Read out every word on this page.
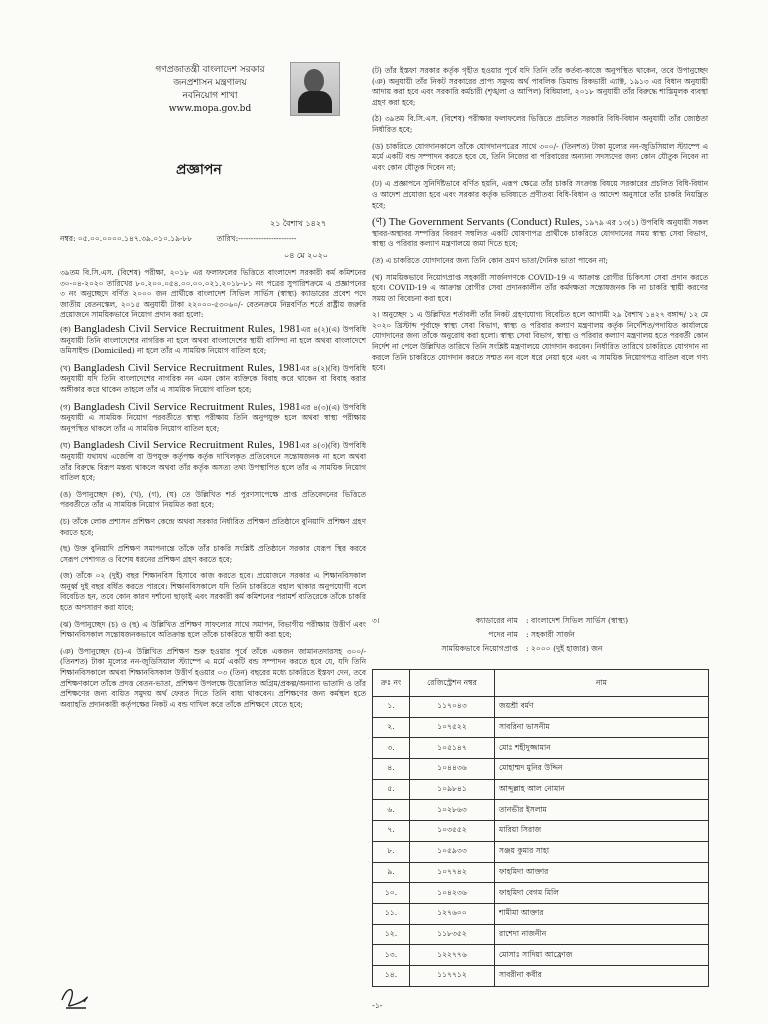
গণপ্রজাতন্ত্রী বাংলাদেশ সরকার
জনপ্রশাসন মন্ত্রণালয়
নবনিয়োগ শাখা
www.mopa.gov.bd
প্রজ্ঞাপন
২১ বৈশাখ ১৪২৭
নম্বর: ০৫.০০.০০০০.১৪৭.৩৯.০১০.১৯-৮৮	তারিখ:-----------------------
০৪ মে ২০২০

৩৯তম বি.সি.এস. (বিশেষ) পরীক্ষা, ২০১৮ এর ফলাফলের ভিত্তিতে বাংলাদেশ সরকারী কর্ম কমিশনের ৩০-০৪-২০২০ তারিখের ৮০.২০০.০৫৪.০০.০০.০২১.২০১৮-৮১ নং পত্রের সুপারিশক্রমে এ প্রজ্ঞাপনের ৩ নং অনুচ্ছেদে বর্ণিত ২০০০ জন প্রার্থীকে বাংলাদেশ সিভিল সার্ভিস (স্বাস্থ্য) ক্যাডারের প্রবেশ পদে জাতীয় বেতনস্কেল, ২০১৫ অনুযায়ী টাকা ২২০০০-৫৩০৬০/- বেতনক্রমে নিম্নবর্ণিত শর্তে রাষ্ট্রীয় জরুরি প্রয়োজনে সাময়িকভাবে নিয়োগ প্রদান করা হলো:

(ক) Bangladesh Civil Service Recruitment Rules, 1981এর ৪(২)(এ) উপবিধি অনুযায়ী তিনি বাংলাদেশের নাগরিক না হলে অথবা বাংলাদেশের স্থায়ী বাসিন্দা না হলে অথবা বাংলাদেশে ডমিসাইল্ড (Domiciled) না হলে তাঁর এ সাময়িক নিয়োগ বাতিল হবে;

(খ) Bangladesh Civil Service Recruitment Rules, 1981এর ৪(২)(বি) উপবিধি অনুযায়ী যদি তিনি বাংলাদেশের নাগরিক নন এমন কোন ব্যক্তিকে বিবাহ করে থাকেন বা বিবাহ করার অঙ্গীকার করে থাকেন তাহলে তাঁর এ সাময়িক নিয়োগ বাতিল হবে;

(গ) Bangladesh Civil Service Recruitment Rules, 1981এর ৪(৩)(এ) উপবিধি অনুযায়ী এ সাময়িক নিয়োগ পরবর্তীতে স্বাস্থ্য পরীক্ষায় তিনি অনুপযুক্ত হলে অথবা স্বাস্থ্য পরীক্ষায় অনুপস্থিত থাকলে তাঁর এ সাময়িক নিয়োগ বাতিল হবে;

(ঘ) Bangladesh Civil Service Recruitment Rules, 1981এর ৪(৩)(বি) উপবিধি অনুযায়ী যথাযথ এজেন্সি বা উপযুক্ত কর্তৃপক্ষ কর্তৃক দাখিলকৃত প্রতিবেদনে সন্তোষজনক না হলে অথবা তাঁর বিরুদ্ধে বিরূপ মন্তব্য থাকলে অথবা তাঁর কর্তৃক অসত্য তথ্য উপস্থাপিত হলে তাঁর এ সাময়িক নিয়োগ বাতিল হবে;

(ঙ) উপানুচ্ছেদ (ক), (খ), (গ), (ঘ) তে উল্লিখিত শর্ত পুরণসাপেক্ষে প্রাপ্ত প্রতিবেদনের ভিত্তিতে পরবর্তীতে তাঁর এ সাময়িক নিয়োগ নিয়মিত করা হবে;

(চ) তাঁকে লোক প্রশাসন প্রশিক্ষণ কেন্দ্রে অথবা সরকার নির্ধারিত প্রশিক্ষণ প্রতিষ্ঠানে বুনিয়াদি প্রশিক্ষণ গ্রহণ করতে হবে;

(ছ) উক্ত বুনিয়াদি প্রশিক্ষণ সমাপনান্তে তাঁকে তাঁর চাকরি সংশ্লিষ্ট প্রতিষ্ঠানে সরকার যেরূপ স্থির করবে সেরূপ পেশাগত ও বিশেষ ধরনের প্রশিক্ষণ গ্রহণ করতে হবে;

(জ) তাঁকে ০২ (দুই) বছর শিক্ষানবিস হিসাবে কাজ করতে হবে। প্রয়োজনে সরকার এ শিক্ষানবিসকাল অনুর্ধ্ব দুই বছর বর্ধিত করতে পারবে। শিক্ষানবিসকালে যদি তিনি চাকরিতে বহাল থাকার অনুপযোগী বলে বিবেচিত হন, তবে কোন কারণ দর্শানো ছাড়াই এবং সরকারী কর্ম কমিশনের পরামর্শ ব্যতিরেকে তাঁকে চাকরি হতে অপসারণ করা যাবে;

(ঝ) উপানুচ্ছেদ (চ) ও (ছ) এ উল্লিখিত প্রশিক্ষণ সাফল্যের সাথে সমাপন, বিভাগীয় পরীক্ষায় উত্তীর্ণ এবং শিক্ষানবিসকাল সন্তোষজনকভাবে অতিক্রান্ত হলে তাঁকে চাকরিতে স্থায়ী করা হবে;

(ঞ) উপানুচ্ছেদ (চ)-এ উল্লিখিত প্রশিক্ষণ শুরু হওয়ার পূর্বে তাঁকে একজন জামানতদারসহ ৩০০/- (তিনশত) টাকা মূল্যের নন-জুডিসিয়াল স্ট্যাম্পে এ মর্মে একটি বন্ড সম্পাদন করতে হবে যে, যদি তিনি শিক্ষানবিসকালে অথবা শিক্ষানবিসকাল উত্তীর্ণ হওয়ার ০৩ (তিন) বছরের মধ্যে চাকরিতে ইস্তফা দেন, তবে প্রশিক্ষণকালে তাঁকে প্রদত্ত বেতন-ভাতা, প্রশিক্ষণ উপলক্ষে উত্তোলিত অগ্রিম/প্রকল্প/অন্যান্য ভাতাদি ও তাঁর প্রশিক্ষণের জন্য ব্যয়িত সমুদয় অর্থ ফেরত দিতে তিনি বাধ্য থাকবেন। প্রশিক্ষণের জন্য কর্মস্থল হতে অব্যাহতি প্রদানকারী কর্তৃপক্ষের নিকট এ বন্ড দাখিল করে তাঁকে প্রশিক্ষণে যেতে হবে;

(ট) তাঁর ইস্তফা সরকার কর্তৃক গৃহীত হওয়ার পূর্বে যদি তিনি তাঁর কর্তব্য-কাজে অনুপস্থিত থাকেন, তবে উপানুচ্ছেদ (ঞ) অনুযায়ী তাঁর নিকট সরকারের প্রাপ্য সমুদয় অর্থ পাবলিক ডিমান্ড রিকভারী এ্যাক্ট, ১৯১৩ এর বিধান অনুযায়ী আদায় করা হবে এবং সরকারি কর্মচারী (শৃঙ্খলা ও আপিল) বিধিমালা, ২০১৮ অনুযায়ী তাঁর বিরুদ্ধে শাস্তিমূলক ব্যবস্থা গ্রহণ করা হবে;

(ঠ) ৩৯তম বি.সি.এস. (বিশেষ) পরীক্ষার ফলাফলের ভিত্তিতে প্রচলিত সরকারি বিধি-বিধান অনুযায়ী তাঁর জ্যেষ্ঠতা নির্ধারিত হবে;

(ড) চাকরিতে যোগদানকালে তাঁকে যোগদানপত্রের সাথে ৩০০/- (তিনশত) টাকা মূল্যের নন-জুডিসিয়াল স্ট্যাম্পে এ মর্মে একটি বন্ড সম্পাদন করতে হবে যে, তিনি নিজের বা পরিবারের অন্যান্য সদস্যদের জন্য কোন যৌতুক নিবেন না এবং কোন যৌতুক দিবেন না;

(ঢ) এ প্রজ্ঞাপনে সুনির্দিষ্টভাবে বর্ণিত হয়নি, এরূপ ক্ষেত্রে তাঁর চাকরি সংক্রান্ত বিষয়ে সরকারের প্রচলিত বিধি-বিধান ও আদেশ প্রযোজ্য হবে এবং সরকার কর্তৃক ভবিষ্যতে প্রণীতব্য বিধি-বিধান ও আদেশ অনুসারে তাঁর চাকরি নিয়ন্ত্রিত হবে;

(ণ) The Government Servants (Conduct) Rules, ১৯৭৯ এর ১৩(১) উপবিধি অনুযায়ী সকল স্থাবর-অস্থাবর সম্পত্তির বিবরণ সম্বলিত একটি ঘোষণাপত্র প্রার্থীকে চাকরিতে যোগদানের সময় স্বাস্থ্য সেবা বিভাগ, স্বাস্থ্য ও পরিবার কল্যাণ মন্ত্রণালয়ে জমা দিতে হবে;

(ত) এ চাকরিতে যোগদানের জন্য তিনি কোন ভ্রমণ ভাতা/দৈনিক ভাতা পাবেন না;

(থ) সাময়িকভাবে নিয়োগপ্রাপ্ত সহকারী সার্জনগণকে COVID-19 এ আক্রান্ত রোগীর চিকিৎসা সেবা প্রদান করতে হবে। COVID-19 এ আক্রান্ত রোগীর সেবা প্রদানকালীন তাঁর কর্মদক্ষতা সন্তোষজনক কি না চাকরি স্থায়ী করণের সময় তা বিবেচনা করা হবে।

২। অনুচ্ছেদ ১ এ উল্লিখিত শর্তাবলী তাঁর নিকট গ্রহণযোগ্য বিবেচিত হলে আগামী ২৯ বৈশাখ ১৪২৭ বঙ্গাব্দ/ ১২ মে ২০২০ খ্রিস্টাব্দ পূর্বাহ্নে স্বাস্থ্য সেবা বিভাগ, স্বাস্থ্য ও পরিবার কল্যাণ মন্ত্রণালয় কর্তৃক নির্দেশিত/পদায়িত কার্যালয়ে যোগদানের জন্য তাঁকে অনুরোধ করা হলো। স্বাস্থ্য সেবা বিভাগ, স্বাস্থ্য ও পরিবার কল্যাণ মন্ত্রণালয় হতে পরবর্তী কোন নির্দেশ না পেলে উল্লিখিত তারিখে তিনি সংশ্লিষ্ট মন্ত্রণালয়ে যোগদান করবেন। নির্ধারিত তারিখে চাকরিতে যোগদান না করলে তিনি চাকরিতে যোগদান করতে সম্মত নন বলে ধরে নেয়া হবে এবং এ সাময়িক নিয়োগপত্র বাতিল বলে গণ্য হবে।

৩।	ক্যাডারের নাম	: বাংলাদেশ সিভিল সার্ভিস (স্বাস্থ্য)
পদের নাম	: সহকারী সার্জন
সাময়িকভাবে নিয়োগপ্রাপ্ত	: ২০০০ (দুই হাজার) জন
ক্রঃ নং	রেজিস্ট্রেশন নম্বর	নাম
১.	১১৭০৪৩	জয়শ্রী বর্মণ
২.	১০৭৫২২	সাবরিনা ভাসনীম
৩.	১০৫১৪৭	মোঃ শহীদুজ্জামান
৪.	১০৪৪৩৬	মোহাম্মদ মুনির উদ্দিন
৫.	১০৯৮৪১	আব্দুল্লাহ আল নোমান
৬.	১০২৮৬৩	তানভীর ইসলাম
৭.	১০৩৫৫২	মারিয়া সিরাজ
৮.	১০৫৯৩৩	সঞ্জয় কুমার সাহা
৯.	১০৭৭৪২	ফাহমিদা আক্তার
১০.	১০৪২৩৬	ফাহমিদা বেগম মিলি
১১.	১২৭৬০০	শামীমা আক্তার
১২.	১১৮৩৫২	রাশেদা নাজনীন
১৩.	১২২৭৭৬	মোসাঃ সাদিয়া আফ্রোজ
১৪.	১১৭৭১২	সাবরীনা কবীর
-১-
